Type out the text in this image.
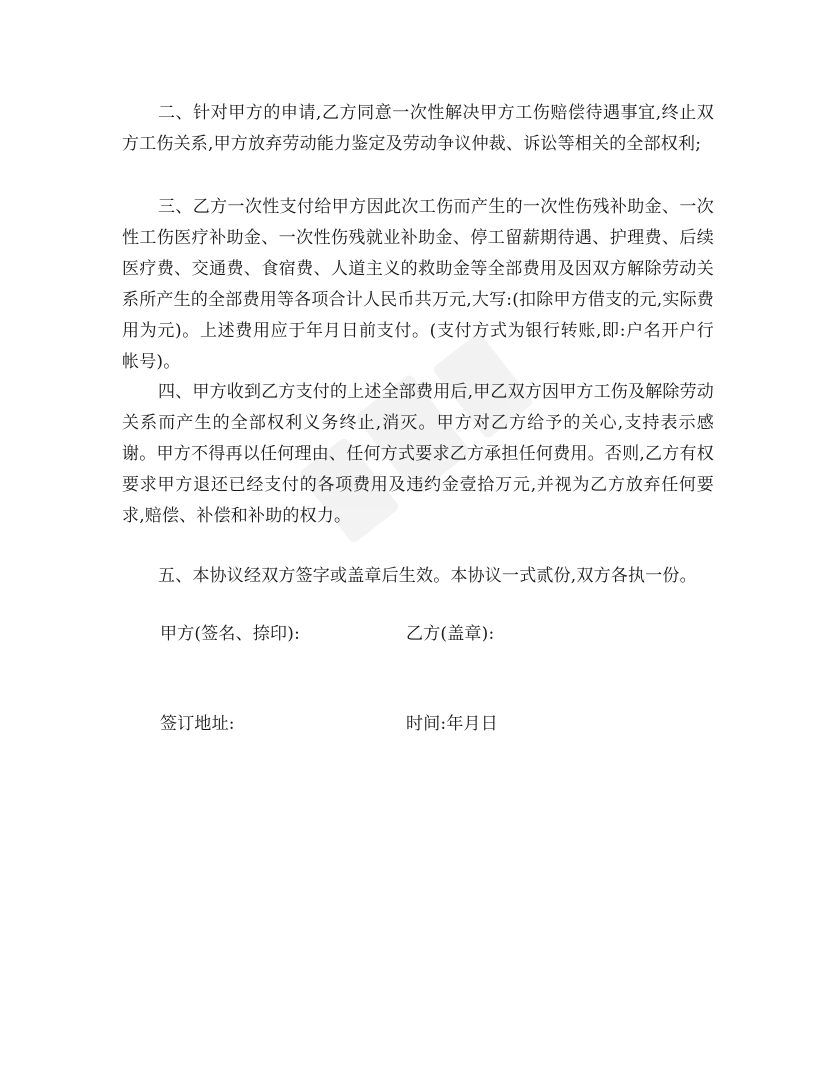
二、针对甲方的申请,乙方同意一次性解决甲方工伤赔偿待遇事宜,终止双方工伤关系,甲方放弃劳动能力鉴定及劳动争议仲裁、诉讼等相关的全部权利;

三、乙方一次性支付给甲方因此次工伤而产生的一次性伤残补助金、一次性工伤医疗补助金、一次性伤残就业补助金、停工留薪期待遇、护理费、后续医疗费、交通费、食宿费、人道主义的救助金等全部费用及因双方解除劳动关系所产生的全部费用等各项合计人民币共万元,大写:(扣除甲方借支的元,实际费用为元)。上述费用应于年月日前支付。(支付方式为银行转账,即:户名开户行帐号)。

四、甲方收到乙方支付的上述全部费用后,甲乙双方因甲方工伤及解除劳动关系而产生的全部权利义务终止,消灭。甲方对乙方给予的关心,支持表示感谢。甲方不得再以任何理由、任何方式要求乙方承担任何费用。否则,乙方有权要求甲方退还已经支付的各项费用及违约金壹拾万元,并视为乙方放弃任何要求,赔偿、补偿和补助的权力。

五、本协议经双方签字或盖章后生效。本协议一式贰份,双方各执一份。

甲方(签名、捺印):	乙方(盖章):
签订地址:	时间:年月日
